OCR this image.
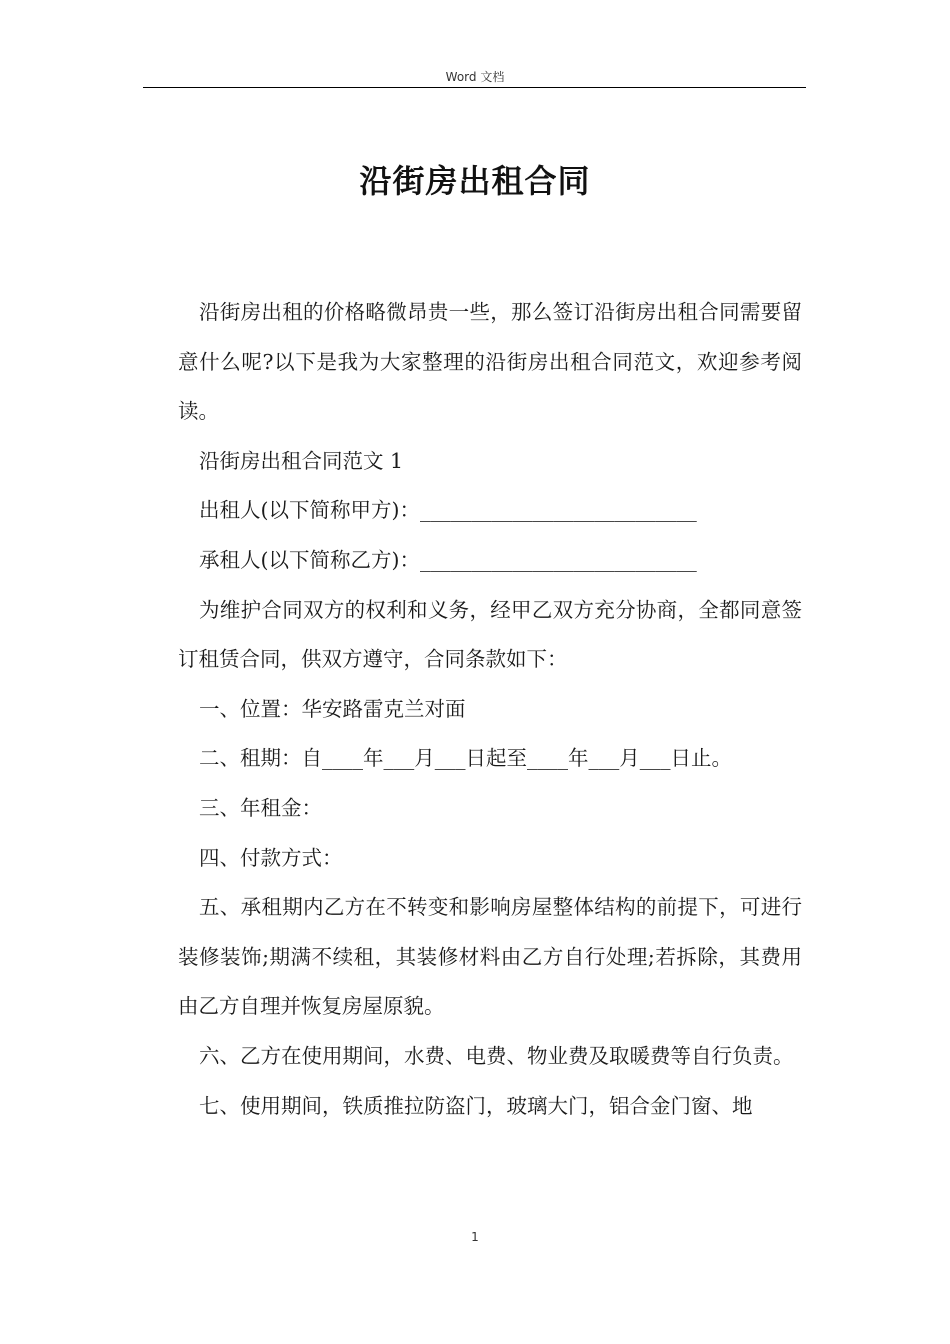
Word 文档
沿街房出租合同

沿街房出租的价格略微昂贵一些，那么签订沿街房出租合同需要留意什么呢?以下是我为大家整理的沿街房出租合同范文，欢迎参考阅读。

沿街房出租合同范文 1

出租人(以下简称甲方)：___________________________

承租人(以下简称乙方)：___________________________

为维护合同双方的权利和义务，经甲乙双方充分协商，全都同意签订租赁合同，供双方遵守，合同条款如下：

一、位置：华安路雷克兰对面

二、租期：自____年___月___日起至____年___月___日止。

三、年租金：

四、付款方式：

五、承租期内乙方在不转变和影响房屋整体结构的前提下，可进行装修装饰;期满不续租，其装修材料由乙方自行处理;若拆除，其费用由乙方自理并恢复房屋原貌。

六、乙方在使用期间，水费、电费、物业费及取暖费等自行负责。

七、使用期间，铁质推拉防盗门，玻璃大门，铝合金门窗、地

1
